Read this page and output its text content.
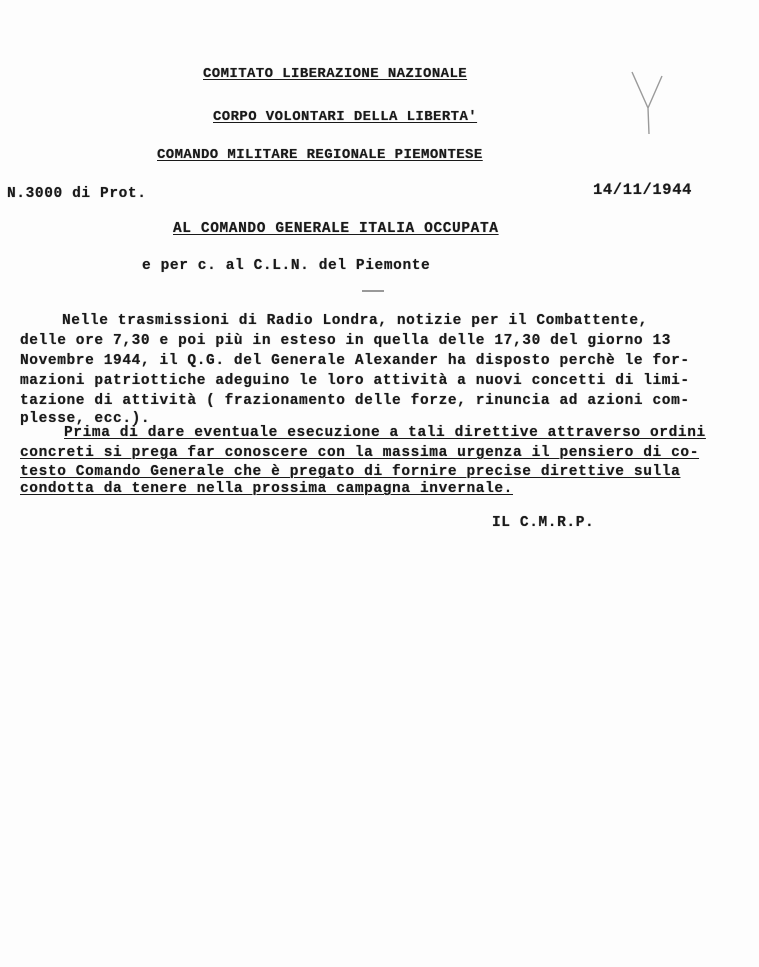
COMITATO LIBERAZIONE NAZIONALE
CORPO VOLONTARI DELLA LIBERTA'
COMANDO MILITARE REGIONALE PIEMONTESE
N.3000 di Prot.	14/11/1944
AL COMANDO GENERALE ITALIA OCCUPATA
e per c. al C.L.N. del Piemonte
Nelle trasmissioni di Radio Londra, notizie per il Combattente,
delle ore 7,30 e poi più in esteso in quella delle 17,30 del giorno 13
Novembre 1944, il Q.G. del Generale Alexander ha disposto perchè le for-
mazioni patriottiche adeguino le loro attività a nuovi concetti di limi-
tazione di attività ( frazionamento delle forze, rinuncia ad azioni com-
plesse, ecc.).
Prima di dare eventuale esecuzione a tali direttive attraverso ordini
concreti si prega far conoscere con la massima urgenza il pensiero di co-
testo Comando Generale che è pregato di fornire precise direttive sulla
condotta da tenere nella prossima campagna invernale.
IL C.M.R.P.
